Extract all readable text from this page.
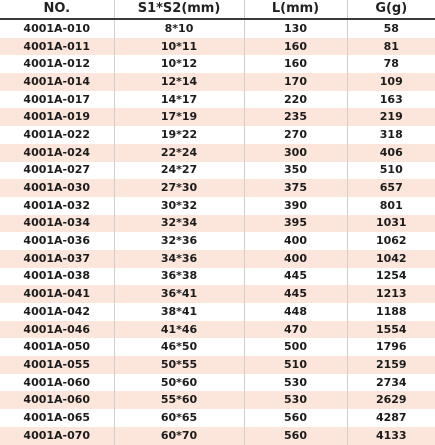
NO.	S1*S2(mm)	L(mm)	G(g)
4001A-010	8*10	130	58
4001A-011	10*11	160	81
4001A-012	10*12	160	78
4001A-014	12*14	170	109
4001A-017	14*17	220	163
4001A-019	17*19	235	219
4001A-022	19*22	270	318
4001A-024	22*24	300	406
4001A-027	24*27	350	510
4001A-030	27*30	375	657
4001A-032	30*32	390	801
4001A-034	32*34	395	1031
4001A-036	32*36	400	1062
4001A-037	34*36	400	1042
4001A-038	36*38	445	1254
4001A-041	36*41	445	1213
4001A-042	38*41	448	1188
4001A-046	41*46	470	1554
4001A-050	46*50	500	1796
4001A-055	50*55	510	2159
4001A-060	50*60	530	2734
4001A-060	55*60	530	2629
4001A-065	60*65	560	4287
4001A-070	60*70	560	4133
